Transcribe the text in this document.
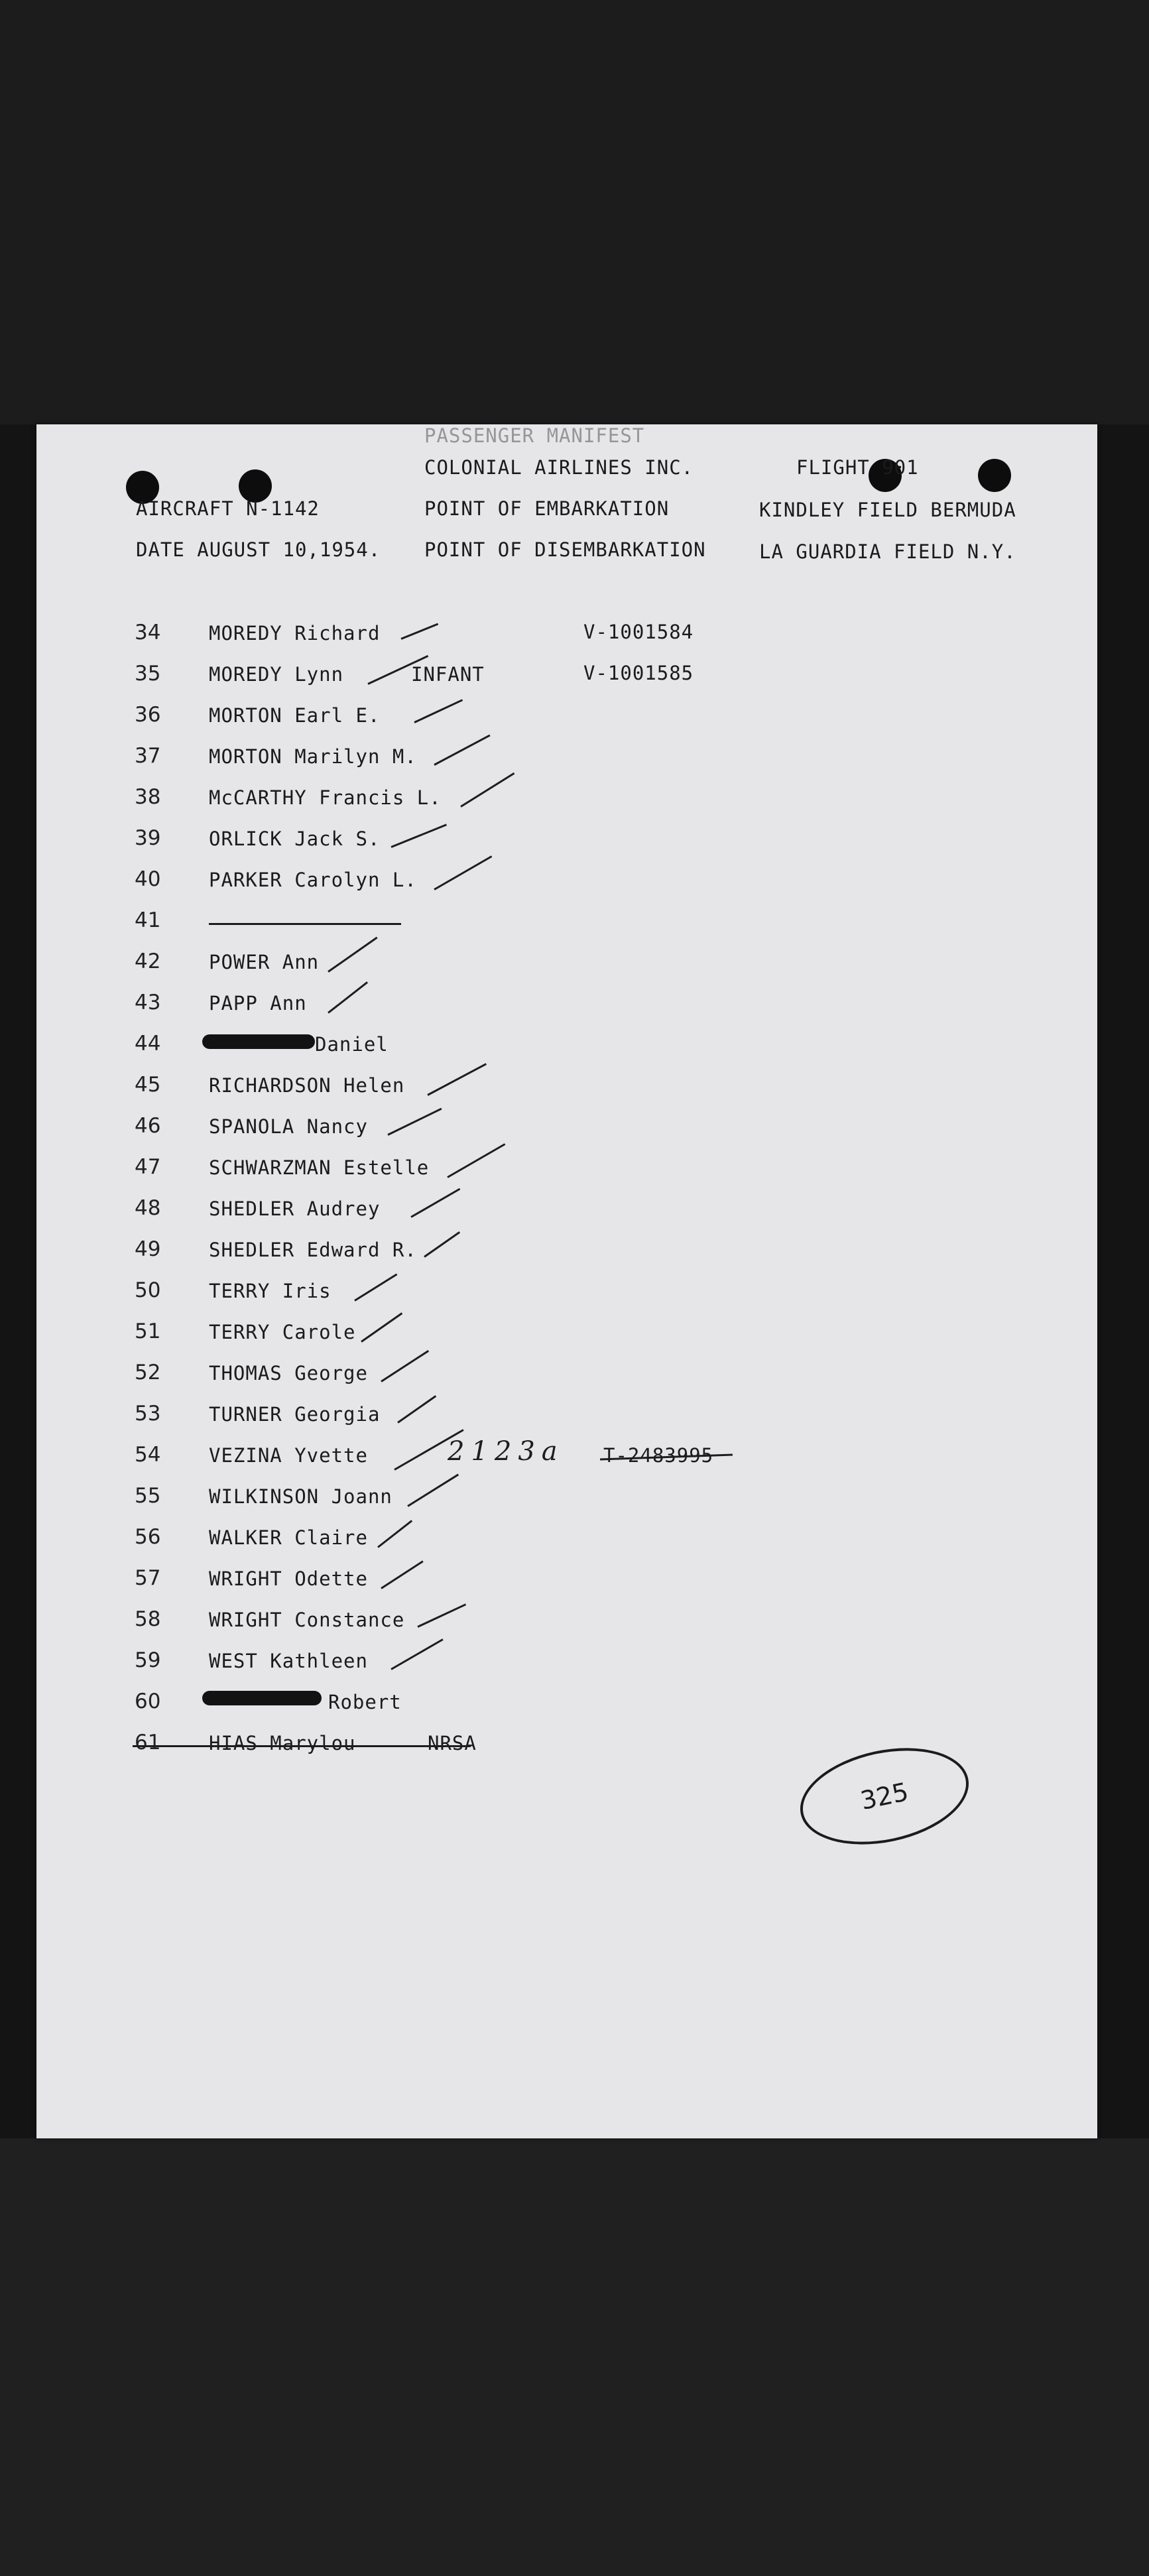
PASSENGER MANIFEST
COLONIAL AIRLINES INC.	FLIGHT 901
AIRCRAFT N-1142	POINT OF EMBARKATION	KINDLEY FIELD BERMUDA
DATE AUGUST 10,1954. POINT OF DISEMBARKATION	LA GUARDIA FIELD N.Y.
34	MOREDY Richard	V-1001584
35	MOREDY Lynn	INFANT	V-1001585
36	MORTON Earl E.
37	MORTON Marilyn M.
38	McCARTHY Francis L.
39	ORLICK Jack S.
40	PARKER Carolyn L.
41
42	POWER Ann
43	PAPP Ann
44	Daniel
45	RICHARDSON Helen
46	SPANOLA Nancy
47	SCHWARZMAN Estelle
48	SHEDLER Audrey
49	SHEDLER Edward R.
50	TERRY Iris
51	TERRY Carole
52	THOMAS George
53	TURNER Georgia
54	VEZINA Yvette	2123a T-2483995
55	WILKINSON Joann
56	WALKER Claire
57	WRIGHT Odette
58	WRIGHT Constance
59	WEST Kathleen
60	Robert
61	HIAS Marylou	NRSA
325
